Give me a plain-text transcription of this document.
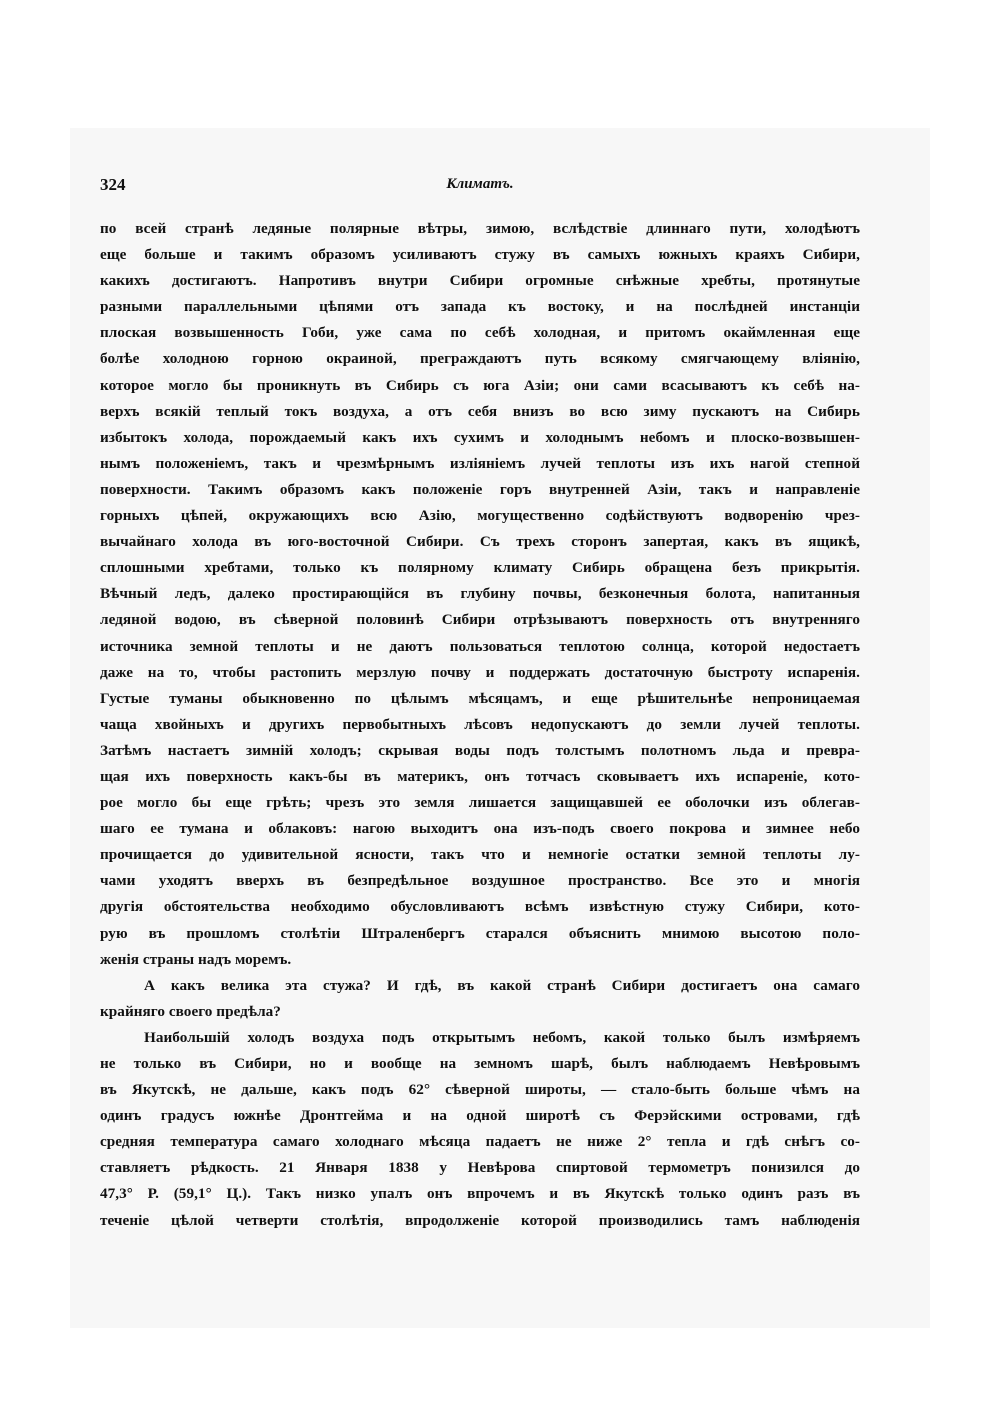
324	Климатъ.
по всей странѣ ледяные полярные вѣтры, зимою, вслѣдствіе длиннаго пути, холодѣютъ
еще больше и такимъ образомъ усиливаютъ стужу въ самыхъ южныхъ краяхъ Сибири,
какихъ достигаютъ. Напротивъ внутри Сибири огромные снѣжные хребты, протянутые
разными параллельными цѣпями отъ запада къ востоку, и на послѣдней инстанціи
плоская возвышенность Гоби, уже сама по себѣ холодная, и притомъ окаймленная еще
болѣе холодною горною окраиной, преграждаютъ путь всякому смягчающему вліянію,
которое могло бы проникнуть въ Сибирь съ юга Азіи; они сами всасываютъ къ себѣ на-
верхъ всякій теплый токъ воздуха, а отъ себя внизъ во всю зиму пускаютъ на Сибирь
избытокъ холода, порождаемый какъ ихъ сухимъ и холоднымъ небомъ и плоско-возвышен-
нымъ положеніемъ, такъ и чрезмѣрнымъ изліяніемъ лучей теплоты изъ ихъ нагой степной
поверхности. Такимъ образомъ какъ положеніе горъ внутренней Азіи, такъ и направленіе
горныхъ цѣпей, окружающихъ всю Азію, могущественно содѣйствуютъ водворенію чрез-
вычайнаго холода въ юго-восточной Сибири. Съ трехъ сторонъ запертая, какъ въ ящикѣ,
сплошными хребтами, только къ полярному климату Сибирь обращена безъ прикрытія.
Вѣчный ледъ, далеко простирающійся въ глубину почвы, безконечныя болота, напитанныя
ледяной водою, въ сѣверной половинѣ Сибири отрѣзываютъ поверхность отъ внутренняго
источника земной теплоты и не даютъ пользоваться теплотою солнца, которой недостаетъ
даже на то, чтобы растопить мерзлую почву и поддержать достаточную быстроту испаренія.
Густые туманы обыкновенно по цѣлымъ мѣсяцамъ, и еще рѣшительнѣе непроницаемая
чаща хвойныхъ и другихъ первобытныхъ лѣсовъ недопускаютъ до земли лучей теплоты.
Затѣмъ настаетъ зимній холодъ; скрывая воды подъ толстымъ полотномъ льда и превра-
щая ихъ поверхность какъ-бы въ материкъ, онъ тотчасъ сковываетъ ихъ испареніе, кото-
рое могло бы еще грѣть; чрезъ это земля лишается защищавшей ее оболочки изъ облегав-
шаго ее тумана и облаковъ: нагою выходитъ она изъ-подъ своего покрова и зимнее небо
прочищается до удивительной ясности, такъ что и немногіе остатки земной теплоты лу-
чами уходятъ вверхъ въ безпредѣльное воздушное пространство. Все это и многія
другія обстоятельства необходимо обусловливаютъ всѣмъ извѣстную стужу Сибири, кото-
рую въ прошломъ столѣтіи Штраленбергъ старался объяснить мнимою высотою поло-
женія страны надъ моремъ.
А какъ велика эта стужа? И гдѣ, въ какой странѣ Сибири достигаетъ она самаго
крайняго своего предѣла?
Наибольшій холодъ воздуха подъ открытымъ небомъ, какой только былъ измѣряемъ
не только въ Сибири, но и вообще на земномъ шарѣ, былъ наблюдаемъ Невѣровымъ
въ Якутскѣ, не дальше, какъ подъ 62° сѣверной широты, — стало-быть больше чѣмъ на
одинъ градусъ южнѣе Дронтгейма и на одной широтѣ съ Ферэйскими островами, гдѣ
средняя температура самаго холоднаго мѣсяца падаетъ не ниже 2° тепла и гдѣ снѣгъ со-
ставляетъ рѣдкость. 21 Января 1838 у Невѣрова спиртовой термометръ понизился до
47,3° Р. (59,1° Ц.). Такъ низко упалъ онъ впрочемъ и въ Якутскѣ только одинъ разъ въ
теченіе цѣлой четверти столѣтія, впродолженіе которой производились тамъ наблюденія
